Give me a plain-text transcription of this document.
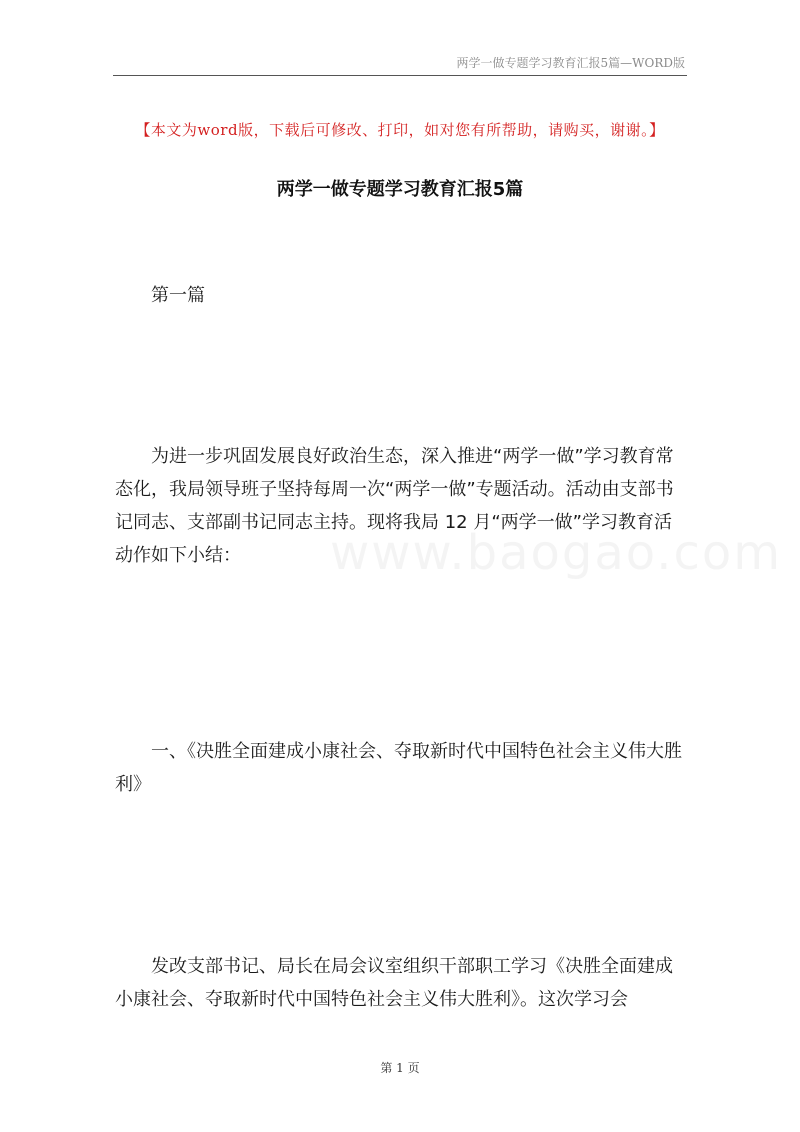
两学一做专题学习教育汇报5篇—WORD版
【本文为word版，下载后可修改、打印，如对您有所帮助，请购买，谢谢。】
两学一做专题学习教育汇报5篇
第一篇
为进一步巩固发展良好政治生态，深入推进“两学一做”学习教育常态化，我局领导班子坚持每周一次“两学一做”专题活动。活动由支部书记同志、支部副书记同志主持。现将我局 12 月“两学一做”学习教育活动作如下小结：	www.baogao.com
一、《决胜全面建成小康社会、夺取新时代中国特色社会主义伟大胜利》
发改支部书记、局长在局会议室组织干部职工学习《决胜全面建成小康社会、夺取新时代中国特色社会主义伟大胜利》。这次学习会
第 1 页
